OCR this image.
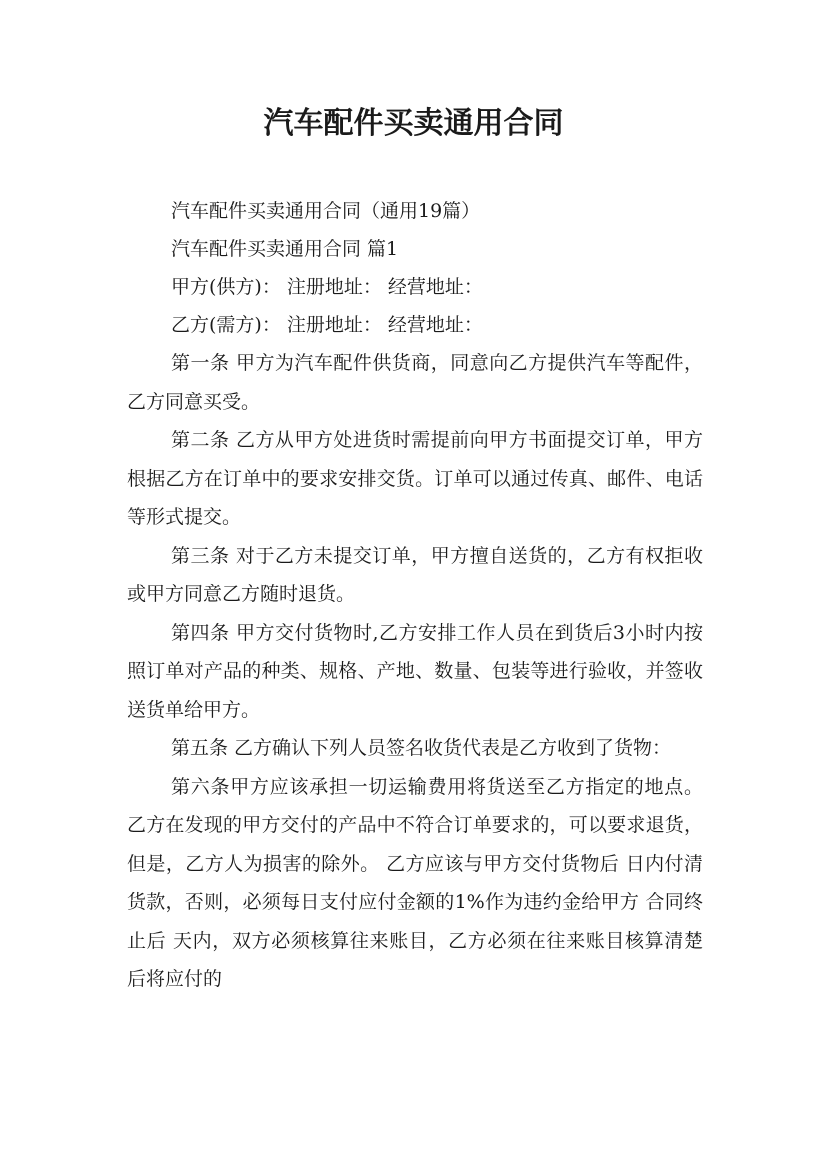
汽车配件买卖通用合同

汽车配件买卖通用合同（通用19篇）

汽车配件买卖通用合同 篇1

甲方(供方)： 注册地址： 经营地址：

乙方(需方)： 注册地址： 经营地址：

第一条 甲方为汽车配件供货商，同意向乙方提供汽车等配件，乙方同意买受。

第二条 乙方从甲方处进货时需提前向甲方书面提交订单，甲方根据乙方在订单中的要求安排交货。订单可以通过传真、邮件、电话等形式提交。

第三条 对于乙方未提交订单，甲方擅自送货的，乙方有权拒收或甲方同意乙方随时退货。

第四条 甲方交付货物时,乙方安排工作人员在到货后3小时内按照订单对产品的种类、规格、产地、数量、包装等进行验收，并签收送货单给甲方。

第五条 乙方确认下列人员签名收货代表是乙方收到了货物：

第六条甲方应该承担一切运输费用将货送至乙方指定的地点。 乙方在发现的甲方交付的产品中不符合订单要求的，可以要求退货，但是，乙方人为损害的除外。 乙方应该与甲方交付货物后 日内付清货款，否则，必须每日支付应付金额的1%作为违约金给甲方 合同终止后 天内，双方必须核算往来账目，乙方必须在往来账目核算清楚后将应付的
